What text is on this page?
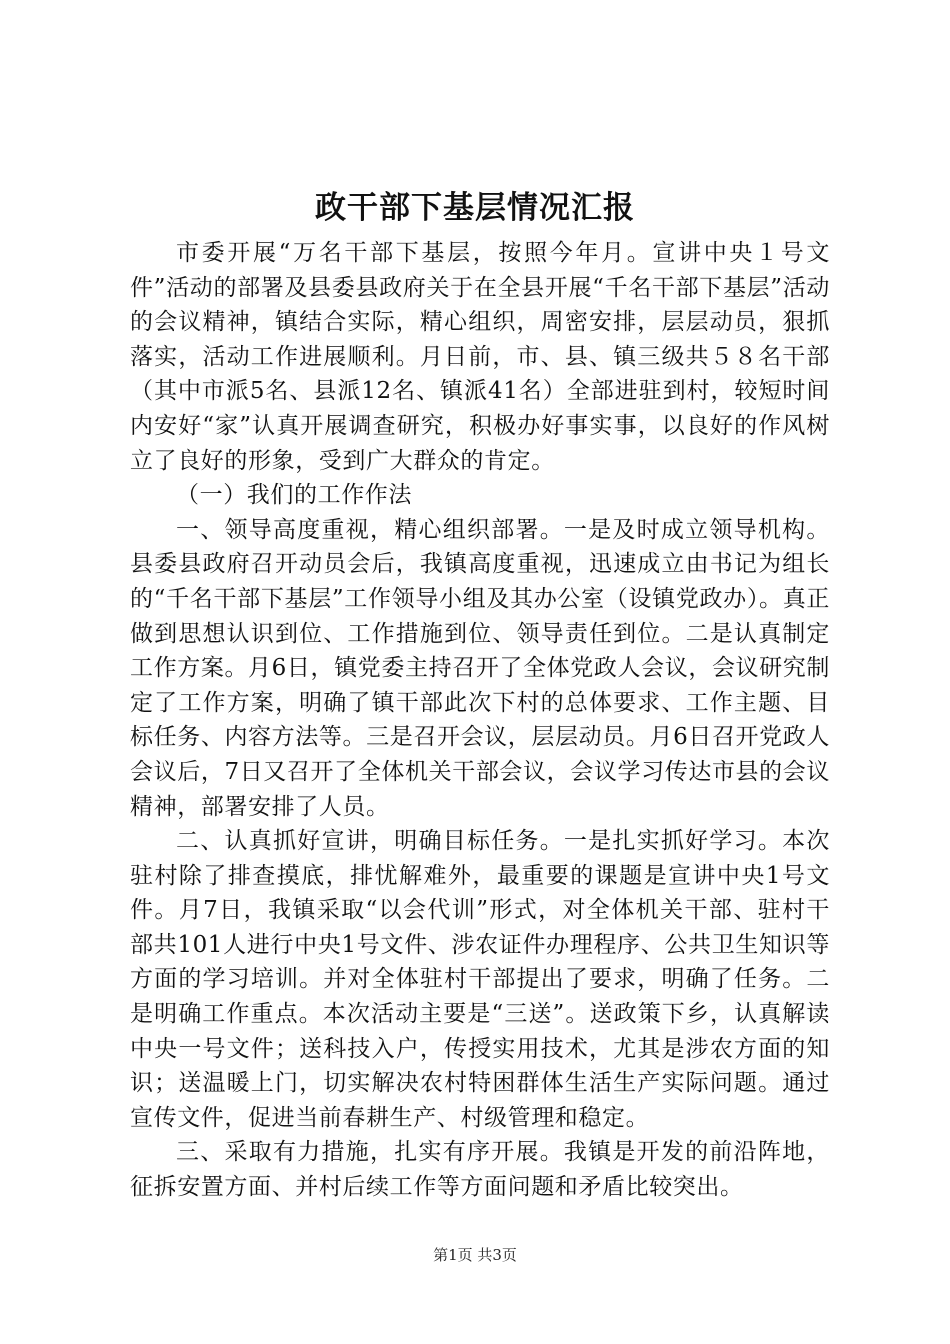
政干部下基层情况汇报

市委开展“万名干部下基层，按照今年月。宣讲中央１号文件”活动的部署及县委县政府关于在全县开展“千名干部下基层”活动的会议精神，镇结合实际，精心组织，周密安排，层层动员，狠抓落实，活动工作进展顺利。月日前，市、县、镇三级共５８名干部（其中市派5名、县派12名、镇派41名）全部进驻到村，较短时间内安好“家”认真开展调查研究，积极办好事实事，以良好的作风树立了良好的形象，受到广大群众的肯定。

（一）我们的工作作法

一、领导高度重视，精心组织部署。一是及时成立领导机构。县委县政府召开动员会后，我镇高度重视，迅速成立由书记为组长的“千名干部下基层”工作领导小组及其办公室（设镇党政办）。真正做到思想认识到位、工作措施到位、领导责任到位。二是认真制定工作方案。月6日，镇党委主持召开了全体党政人会议，会议研究制定了工作方案，明确了镇干部此次下村的总体要求、工作主题、目标任务、内容方法等。三是召开会议，层层动员。月6日召开党政人会议后，7日又召开了全体机关干部会议，会议学习传达市县的会议精神，部署安排了人员。

二、认真抓好宣讲，明确目标任务。一是扎实抓好学习。本次驻村除了排查摸底，排忧解难外，最重要的课题是宣讲中央1号文件。月7日，我镇采取“以会代训”形式，对全体机关干部、驻村干部共101人进行中央1号文件、涉农证件办理程序、公共卫生知识等方面的学习培训。并对全体驻村干部提出了要求，明确了任务。二是明确工作重点。本次活动主要是“三送”。送政策下乡，认真解读中央一号文件；送科技入户，传授实用技术，尤其是涉农方面的知识；送温暖上门，切实解决农村特困群体生活生产实际问题。通过宣传文件，促进当前春耕生产、村级管理和稳定。

三、采取有力措施，扎实有序开展。我镇是开发的前沿阵地，征拆安置方面、并村后续工作等方面问题和矛盾比较突出。

第1页 共3页
